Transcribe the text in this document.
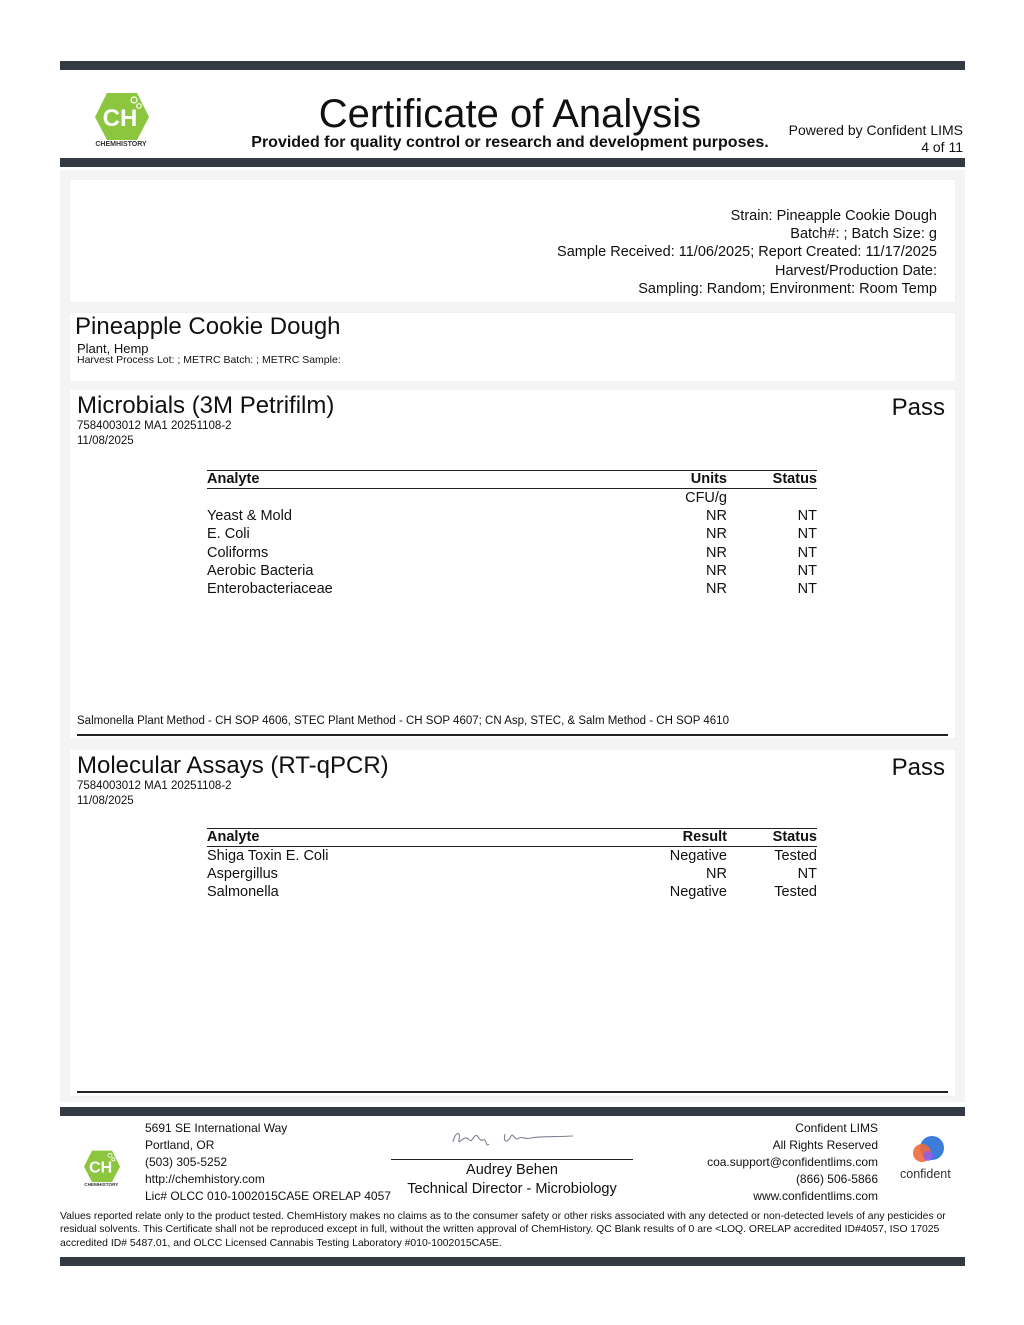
CH
CHEMHISTORY
Certificate of Analysis
Provided for quality control or research and development purposes.
Powered by Confident LIMS
4 of 11
Strain: Pineapple Cookie Dough
Batch#: ; Batch Size: g
Sample Received: 11/06/2025; Report Created: 11/17/2025
Harvest/Production Date:
Sampling: Random; Environment: Room Temp
Pineapple Cookie Dough
Plant, Hemp
Harvest Process Lot: ; METRC Batch: ; METRC Sample:
Microbials (3M Petrifilm)	Pass
7584003012 MA1 20251108-2
11/08/2025
Analyte	Units	Status
	CFU/g	
Yeast & Mold	NR	NT
E. Coli	NR	NT
Coliforms	NR	NT
Aerobic Bacteria	NR	NT
Enterobacteriaceae	NR	NT
Salmonella Plant Method - CH SOP 4606, STEC Plant Method - CH SOP 4607; CN Asp, STEC, & Salm Method - CH SOP 4610
Molecular Assays (RT-qPCR)	Pass
7584003012 MA1 20251108-2
11/08/2025
Analyte	Result	Status
Shiga Toxin E. Coli	Negative	Tested
Aspergillus	NR	NT
Salmonella	Negative	Tested
CH
CHEMHISTORY
5691 SE International Way
Portland, OR
(503) 305-5252
http://chemhistory.com
Lic# OLCC 010-1002015CA5E ORELAP 4057
Audrey Behen
Technical Director - Microbiology
Confident LIMS
All Rights Reserved
coa.support@confidentlims.com
(866) 506-5866
www.confidentlims.com
confident
Values reported relate only to the product tested. ChemHistory makes no claims as to the consumer safety or other risks associated with any detected or non-detected levels of any pesticides or residual solvents. This Certificate shall not be reproduced except in full, without the written approval of ChemHistory. QC Blank results of 0 are <LOQ. ORELAP accredited ID#4057, ISO 17025 accredited ID# 5487.01, and OLCC Licensed Cannabis Testing Laboratory #010-1002015CA5E.
